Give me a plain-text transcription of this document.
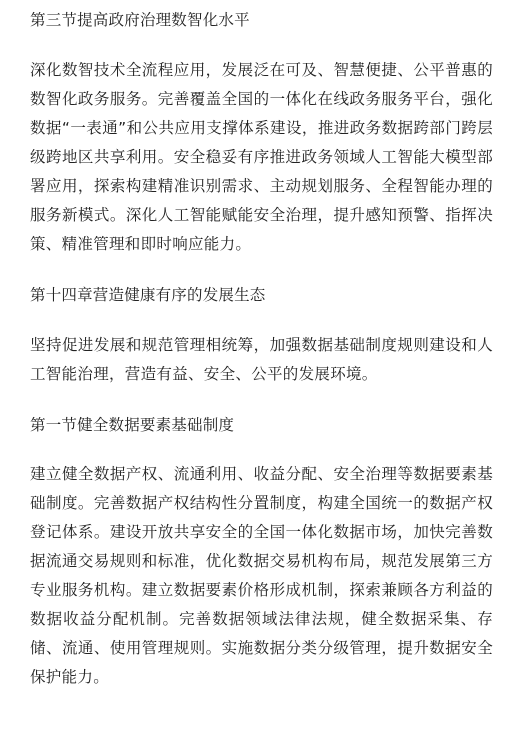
第三节提高政府治理数智化水平

深化数智技术全流程应用，发展泛在可及、智慧便捷、公平普惠的数智化政务服务。完善覆盖全国的一体化在线政务服务平台，强化数据“一表通”和公共应用支撑体系建设，推进政务数据跨部门跨层级跨地区共享利用。安全稳妥有序推进政务领域人工智能大模型部署应用，探索构建精准识别需求、主动规划服务、全程智能办理的服务新模式。深化人工智能赋能安全治理，提升感知预警、指挥决策、精准管理和即时响应能力。

第十四章营造健康有序的发展生态

坚持促进发展和规范管理相统筹，加强数据基础制度规则建设和人工智能治理，营造有益、安全、公平的发展环境。

第一节健全数据要素基础制度

建立健全数据产权、流通利用、收益分配、安全治理等数据要素基础制度。完善数据产权结构性分置制度，构建全国统一的数据产权登记体系。建设开放共享安全的全国一体化数据市场，加快完善数据流通交易规则和标准，优化数据交易机构布局，规范发展第三方专业服务机构。建立数据要素价格形成机制，探索兼顾各方利益的数据收益分配机制。完善数据领域法律法规，健全数据采集、存储、流通、使用管理规则。实施数据分类分级管理，提升数据安全保护能力。
